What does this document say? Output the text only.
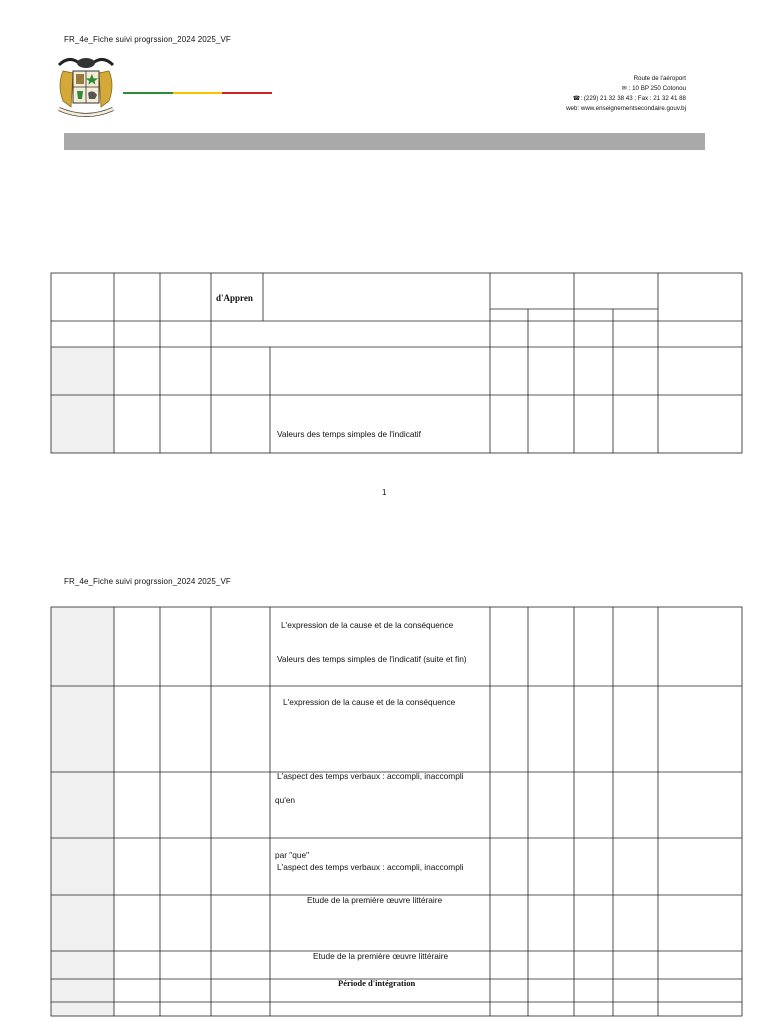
FR_4e_Fiche suivi progrssion_2024 2025_VF
Route de l'aéroport
✉ : 10 BP 250 Cotonou
☎: (229) 21 32 38 43 ; Fax : 21 32 41 88
web: www.enseignementsecondaire.gouv.bj
d'Appren
Valeurs des temps simples de l'indicatif
1
FR_4e_Fiche suivi progrssion_2024 2025_VF
L'expression de la cause et de la conséquence
Valeurs des temps simples de l'indicatif (suite et fin)
L'expression de la cause et de la conséquence
L'aspect des temps verbaux : accompli, inaccompli
qu'en
par "que"
L'aspect des temps verbaux : accompli, inaccompli
Etude de la première œuvre littéraire
Etude de la première œuvre littéraire
Période d'intégration
